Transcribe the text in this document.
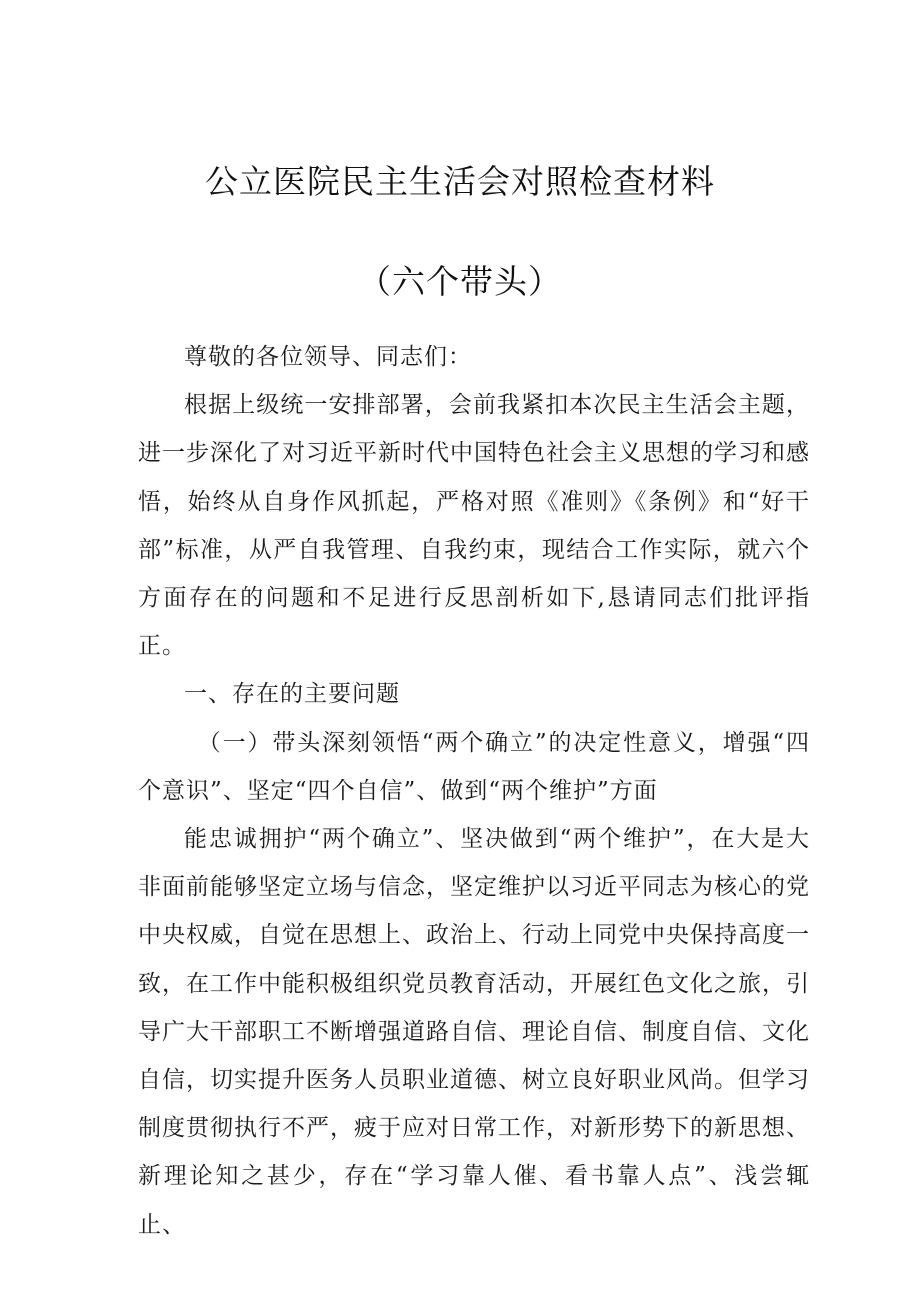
公立医院民主生活会对照检查材料
（六个带头）

尊敬的各位领导、同志们：

根据上级统一安排部署，会前我紧扣本次民主生活会主题，进一步深化了对习近平新时代中国特色社会主义思想的学习和感悟，始终从自身作风抓起，严格对照《准则》《条例》和“好干部”标准，从严自我管理、自我约束，现结合工作实际，就六个方面存在的问题和不足进行反思剖析如下,恳请同志们批评指正。

一、存在的主要问题

（一）带头深刻领悟“两个确立”的决定性意义，增强“四个意识”、坚定“四个自信”、做到“两个维护”方面

能忠诚拥护“两个确立”、坚决做到“两个维护”，在大是大非面前能够坚定立场与信念，坚定维护以习近平同志为核心的党中央权威，自觉在思想上、政治上、行动上同党中央保持高度一致，在工作中能积极组织党员教育活动，开展红色文化之旅，引导广大干部职工不断增强道路自信、理论自信、制度自信、文化自信，切实提升医务人员职业道德、树立良好职业风尚。但学习制度贯彻执行不严，疲于应对日常工作，对新形势下的新思想、新理论知之甚少，存在“学习靠人催、看书靠人点”、浅尝辄止、
